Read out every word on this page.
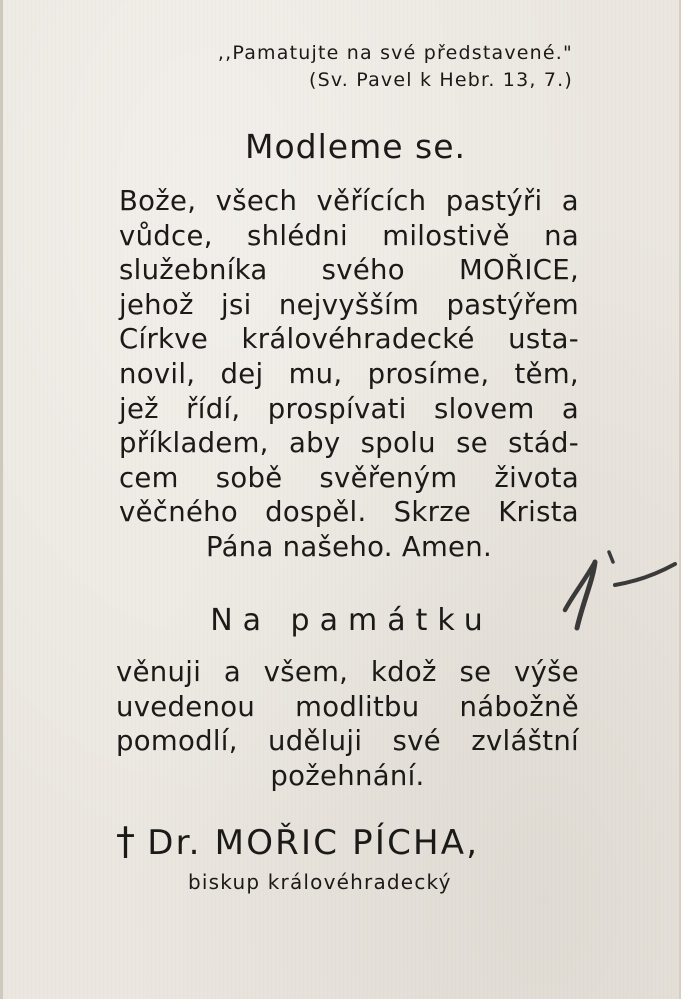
,,Pamatujte na své představené."
(Sv. Pavel k Hebr. 13, 7.)
Modleme se.
Bože, všech věřících pastýři a
vůdce, shlédni milostivě na
služebníka svého MOŘICE,
jehož jsi nejvyšším pastýřem
Církve královéhradecké usta-
novil, dej mu, prosíme, těm,
jež řídí, prospívati slovem a
příkladem, aby spolu se stád-
cem sobě svěřeným života
věčného dospěl. Skrze Krista
Pána našeho. Amen.
Na památku
věnuji a všem, kdož se výše
uvedenou modlitbu nábožně
pomodlí, uděluji své zvláštní
požehnání.
† Dr. MOŘIC PÍCHA,
biskup královéhradecký
